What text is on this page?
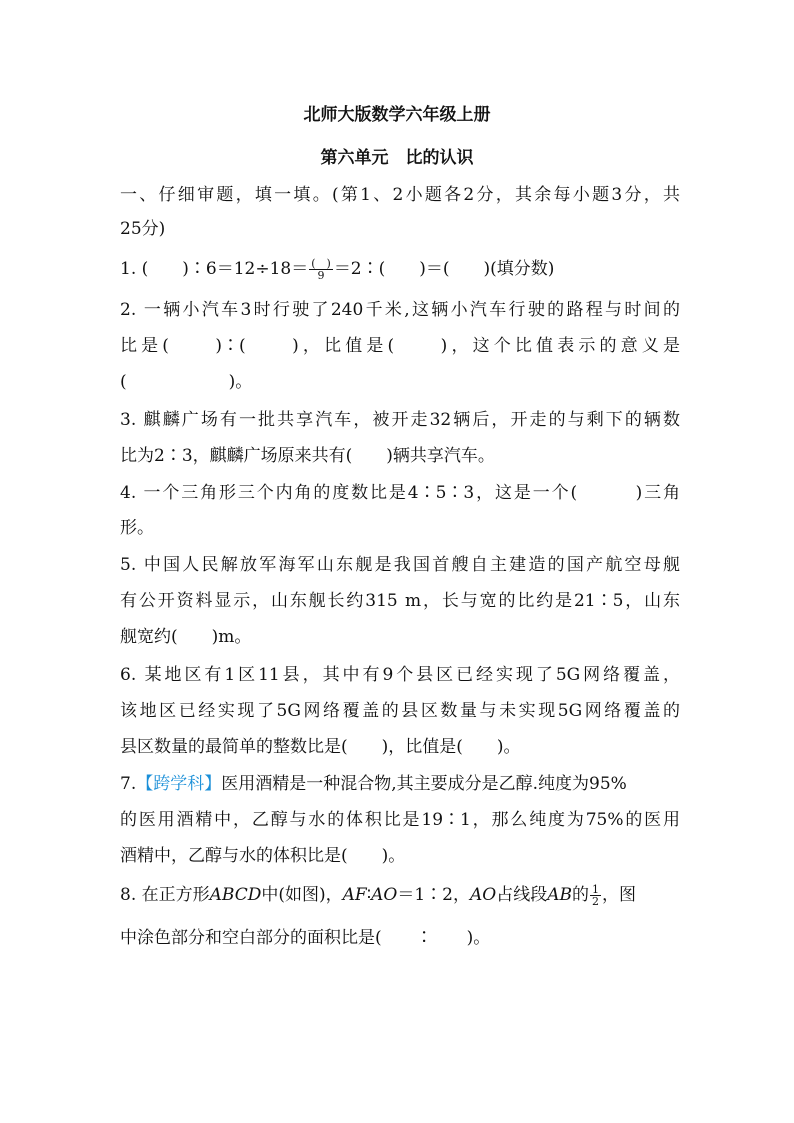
北师大版数学六年级上册
第六单元　比的认识
一、仔细审题，填一填。(第1、2小题各2分，其余每小题3分，共
25分)
1. (　　)∶6＝12÷18＝ $\frac{( )}{9}$ ＝2∶(　　)＝(　　)(填分数)
2. 一辆小汽车3时行驶了240千米,这辆小汽车行驶的路程与时间的
比是(　　)∶(　　)，比值是(　　)，这个比值表示的意义是
(　　　　　　)。
3. 麒麟广场有一批共享汽车，被开走32辆后，开走的与剩下的辆数
比为2∶3，麒麟广场原来共有(　　)辆共享汽车。
4. 一个三角形三个内角的度数比是4∶5∶3，这是一个(　　　)三角
形。
5. 中国人民解放军海军山东舰是我国首艘自主建造的国产航空母舰
有公开资料显示，山东舰长约315 m，长与宽的比约是21∶5，山东
舰宽约(　　)m。
6. 某地区有1区11县，其中有9个县区已经实现了5G网络覆盖，
该地区已经实现了5G网络覆盖的县区数量与未实现5G网络覆盖的
县区数量的最简单的整数比是(　　)，比值是(　　)。
7.【跨学科】医用酒精是一种混合物,其主要成分是乙醇.纯度为95%
的医用酒精中，乙醇与水的体积比是19∶1，那么纯度为75%的医用
酒精中，乙醇与水的体积比是(　　)。
8. 在正方形ABCD中(如图)，AF∶AO＝1∶2，AO占线段AB的 $\frac{1}{2}$ ，图
中涂色部分和空白部分的面积比是(　　∶　　)。
